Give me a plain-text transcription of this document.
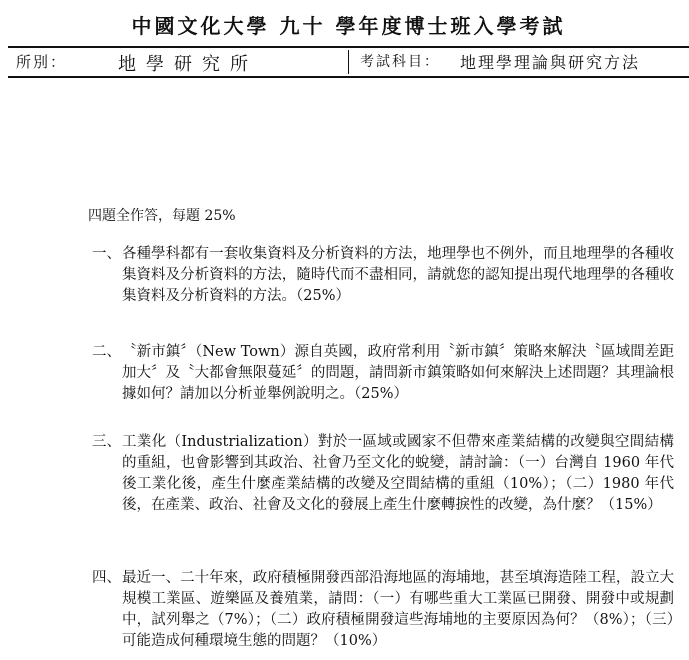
中國文化大學 九十 學年度博士班入學考試
所別：	地學研究所	考試科目： 地理學理論與研究方法
四題全作答，每題 25%
一、 各種學科都有一套收集資料及分析資料的方法，地理學也不例外，而且地理學的各種收集資料及分析資料的方法，隨時代而不盡相同，請就您的認知提出現代地理學的各種收集資料及分析資料的方法。（25%）
二、 〝新市鎮〞（New Town）源自英國，政府常利用〝新市鎮〞策略來解決〝區域間差距加大〞及〝大都會無限蔓延〞的問題，請問新市鎮策略如何來解決上述問題？其理論根據如何？請加以分析並舉例說明之。（25%）
三、 工業化（Industrialization）對於一區域或國家不但帶來產業結構的改變與空間結構的重組，也會影響到其政治、社會乃至文化的蛻變，請討論：（一）台灣自 1960 年代後工業化後，產生什麼產業結構的改變及空間結構的重組（10%）；（二）1980 年代後，在產業、政治、社會及文化的發展上產生什麼轉捩性的改變，為什麼？（15%）
四、 最近一、二十年來，政府積極開發西部沿海地區的海埔地，甚至填海造陸工程，設立大規模工業區、遊樂區及養殖業，請問：（一）有哪些重大工業區已開發、開發中或規劃中，試列舉之（7%）；（二）政府積極開發這些海埔地的主要原因為何？（8%）；（三）可能造成何種環境生態的問題？（10%）
